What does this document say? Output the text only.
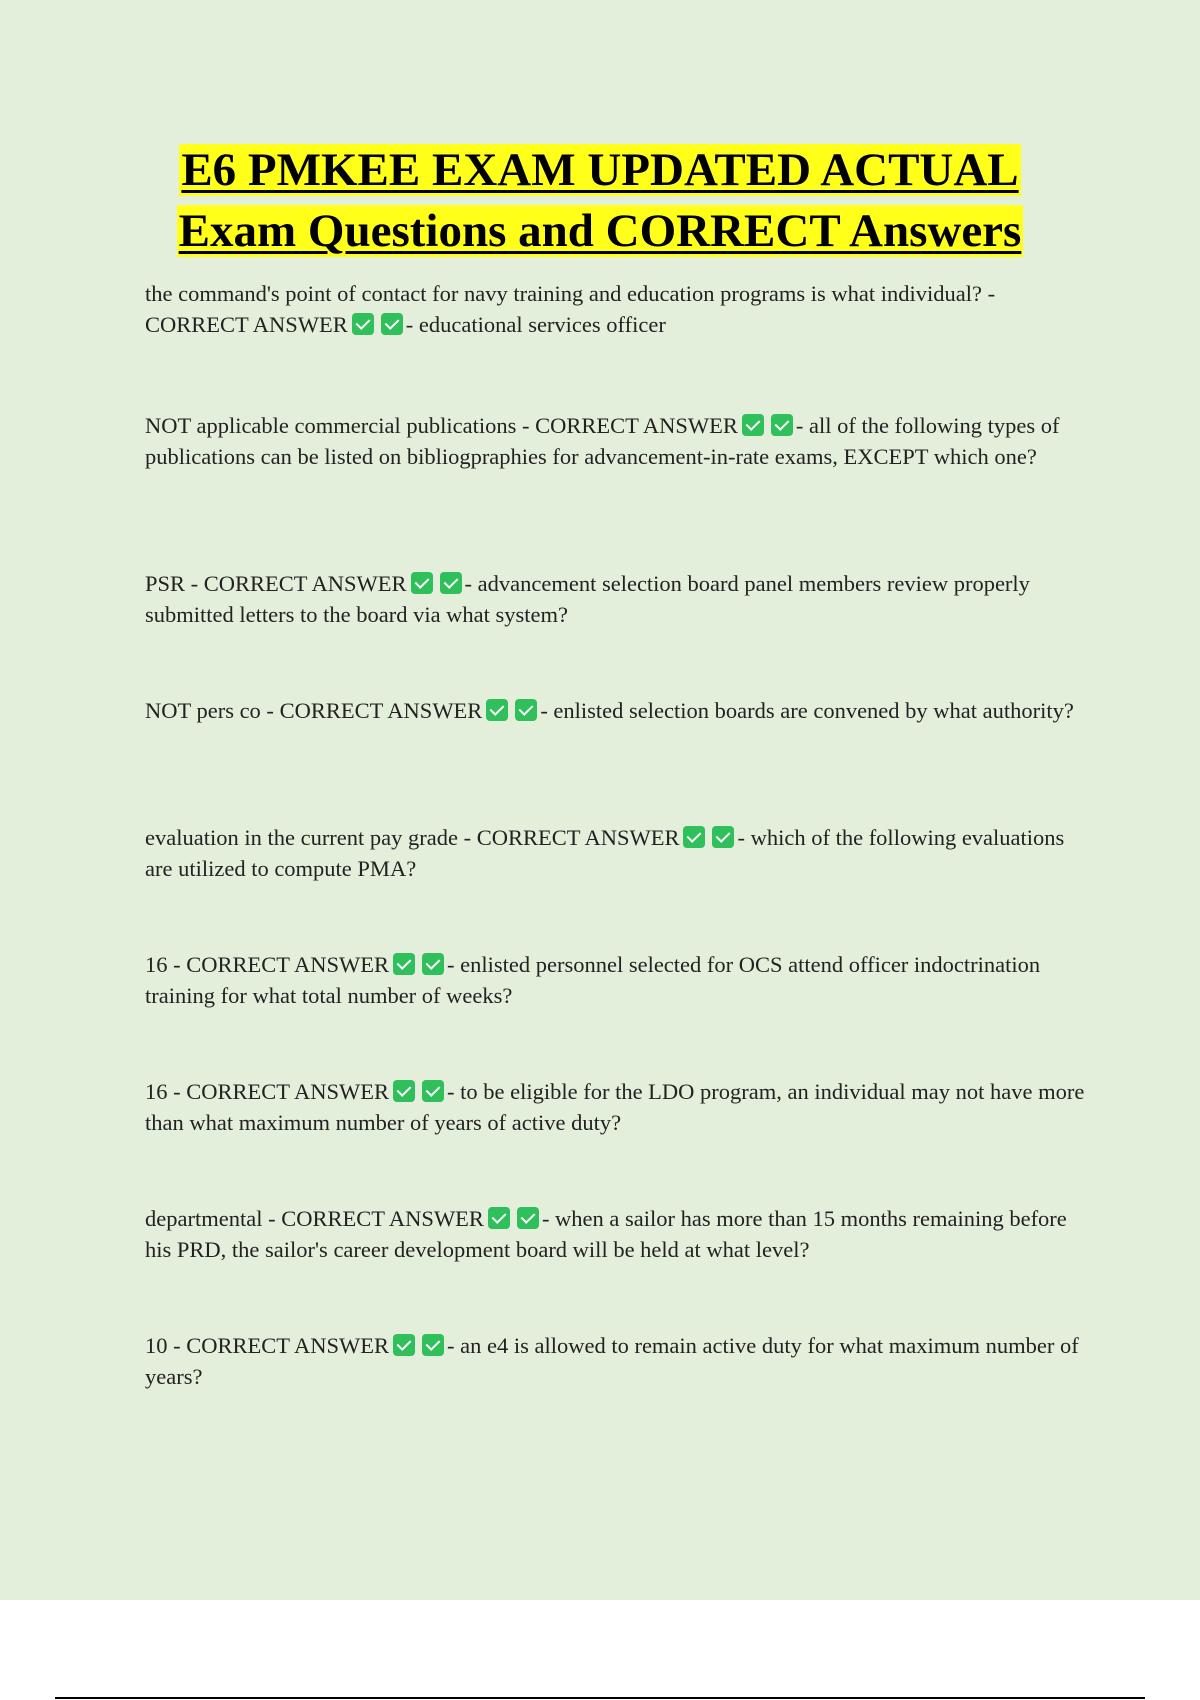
E6 PMKEE EXAM UPDATED ACTUAL
Exam Questions and CORRECT Answers

the command's point of contact for navy training and education programs is what individual? - CORRECT ANSWER	- educational services officer

NOT applicable commercial publications - CORRECT ANSWER	- all of the following types of publications can be listed on bibliogpraphies for advancement-in-rate exams, EXCEPT which one?

PSR - CORRECT ANSWER	- advancement selection board panel members review properly submitted letters to the board via what system?

NOT pers co - CORRECT ANSWER	- enlisted selection boards are convened by what authority?

evaluation in the current pay grade - CORRECT ANSWER	- which of the following evaluations are utilized to compute PMA?

16 - CORRECT ANSWER	- enlisted personnel selected for OCS attend officer indoctrination training for what total number of weeks?

16 - CORRECT ANSWER	- to be eligible for the LDO program, an individual may not have more than what maximum number of years of active duty?

departmental - CORRECT ANSWER	- when a sailor has more than 15 months remaining before his PRD, the sailor's career development board will be held at what level?

10 - CORRECT ANSWER	- an e4 is allowed to remain active duty for what maximum number of years?
